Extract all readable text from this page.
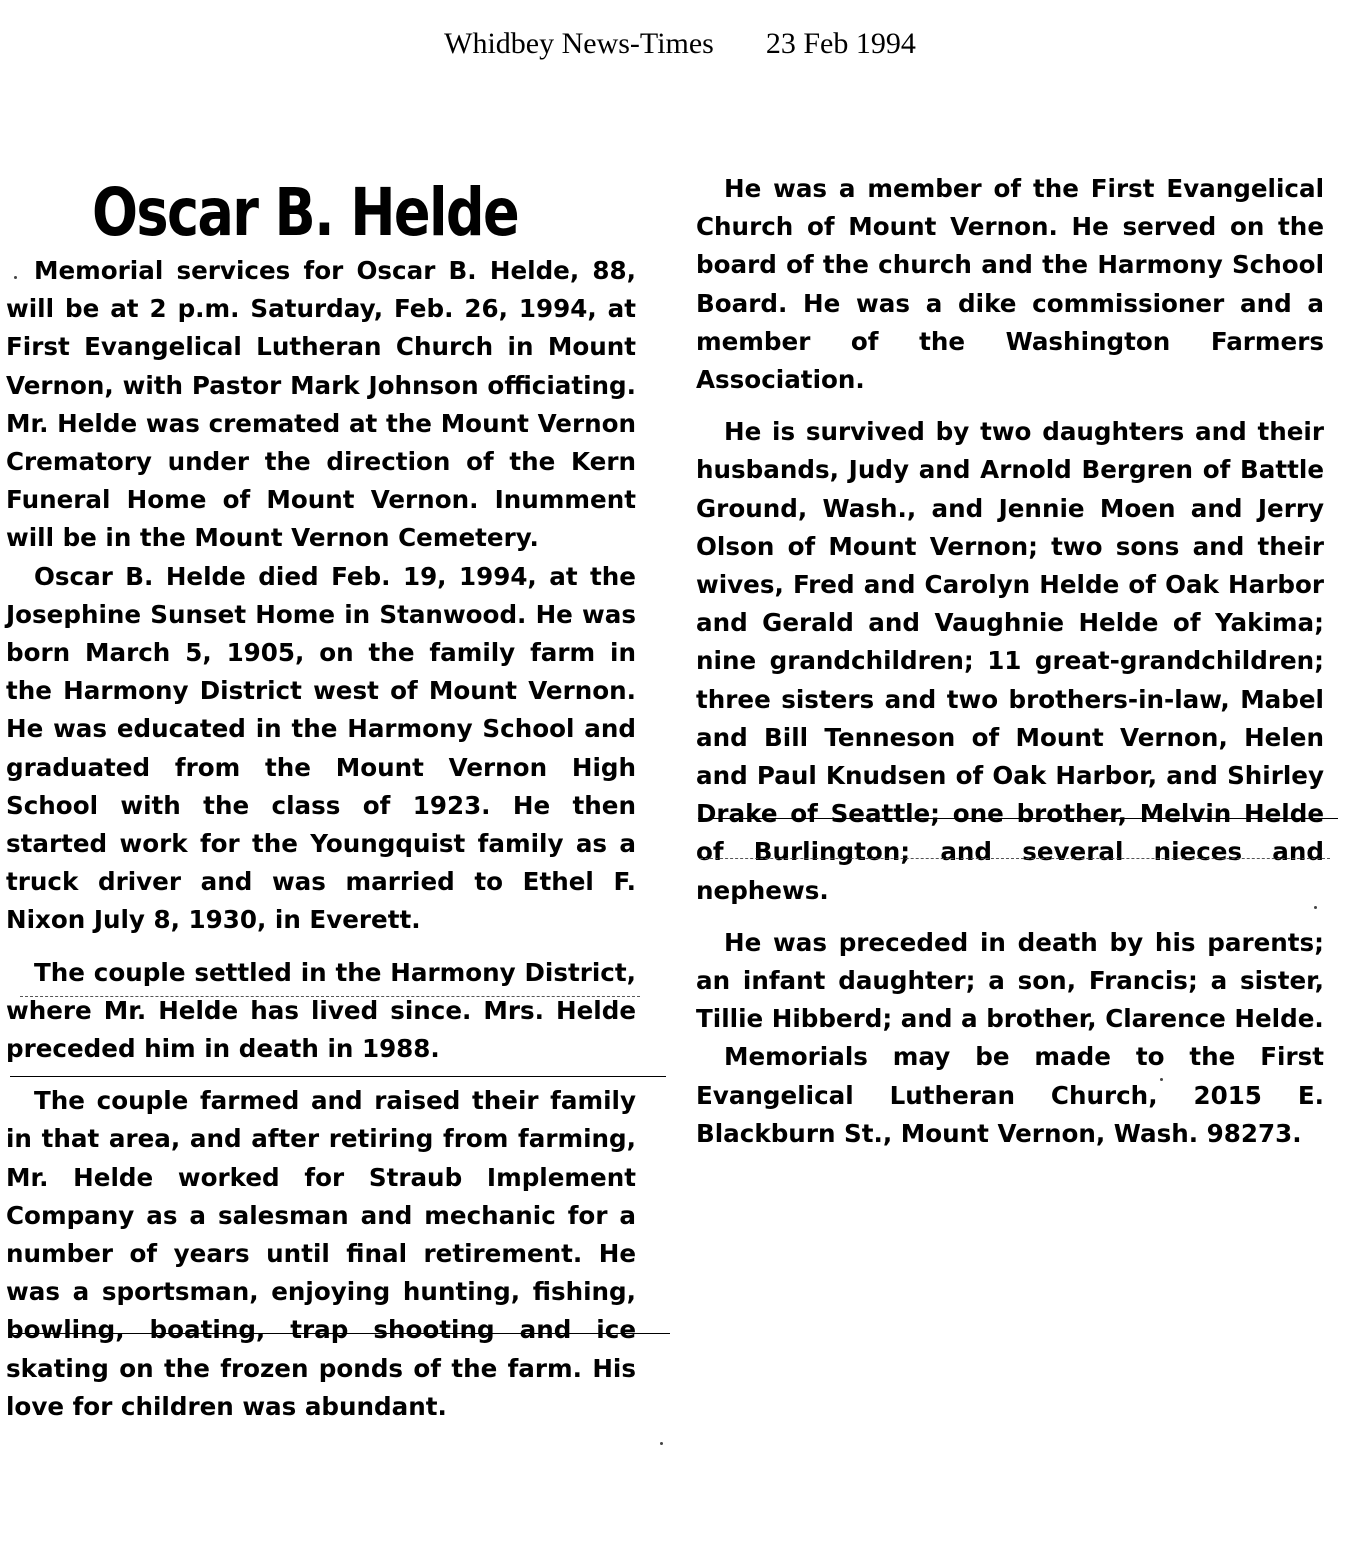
Whidbey News-Times 23 Feb 1994
Oscar B. Helde

Memorial services for Oscar B. Helde, 88, will be at 2 p.m. Saturday, Feb. 26, 1994, at First Evangelical Lutheran Church in Mount Vernon, with Pastor Mark Johnson officiating. Mr. Helde was cremated at the Mount Vernon Crematory under the direction of the Kern Funeral Home of Mount Vernon. Inumment will be in the Mount Vernon Cemetery.

Oscar B. Helde died Feb. 19, 1994, at the Josephine Sunset Home in Stanwood. He was born March 5, 1905, on the family farm in the Harmony District west of Mount Vernon. He was educated in the Harmony School and graduated from the Mount Vernon High School with the class of 1923. He then started work for the Youngquist family as a truck driver and was married to Ethel F. Nixon July 8, 1930, in Everett.

The couple settled in the Harmony District, where Mr. Helde has lived since. Mrs. Helde preceded him in death in 1988.

The couple farmed and raised their family in that area, and after retiring from farming, Mr. Helde worked for Straub Implement Company as a salesman and mechanic for a number of years until final retirement. He was a sportsman, enjoying hunting, fishing, bowling, boating, trap shooting and ice skating on the frozen ponds of the farm. His love for children was abundant.

He was a member of the First Evangelical Church of Mount Vernon. He served on the board of the church and the Harmony School Board. He was a dike commissioner and a member of the Washington Farmers Association.

He is survived by two daughters and their husbands, Judy and Arnold Bergren of Battle Ground, Wash., and Jennie Moen and Jerry Olson of Mount Vernon; two sons and their wives, Fred and Carolyn Helde of Oak Harbor and Gerald and Vaughnie Helde of Yakima; nine grandchildren; 11 great-grandchildren; three sisters and two brothers-in-law, Mabel and Bill Tenneson of Mount Vernon, Helen and Paul Knudsen of Oak Harbor, and Shirley Drake of Seattle; one brother, Melvin Helde of Burlington; and several nieces and nephews.

He was preceded in death by his parents; an infant daughter; a son, Francis; a sister, Tillie Hibberd; and a brother, Clarence Helde.

Memorials may be made to the First Evangelical Lutheran Church, 2015 E. Blackburn St., Mount Vernon, Wash. 98273.
